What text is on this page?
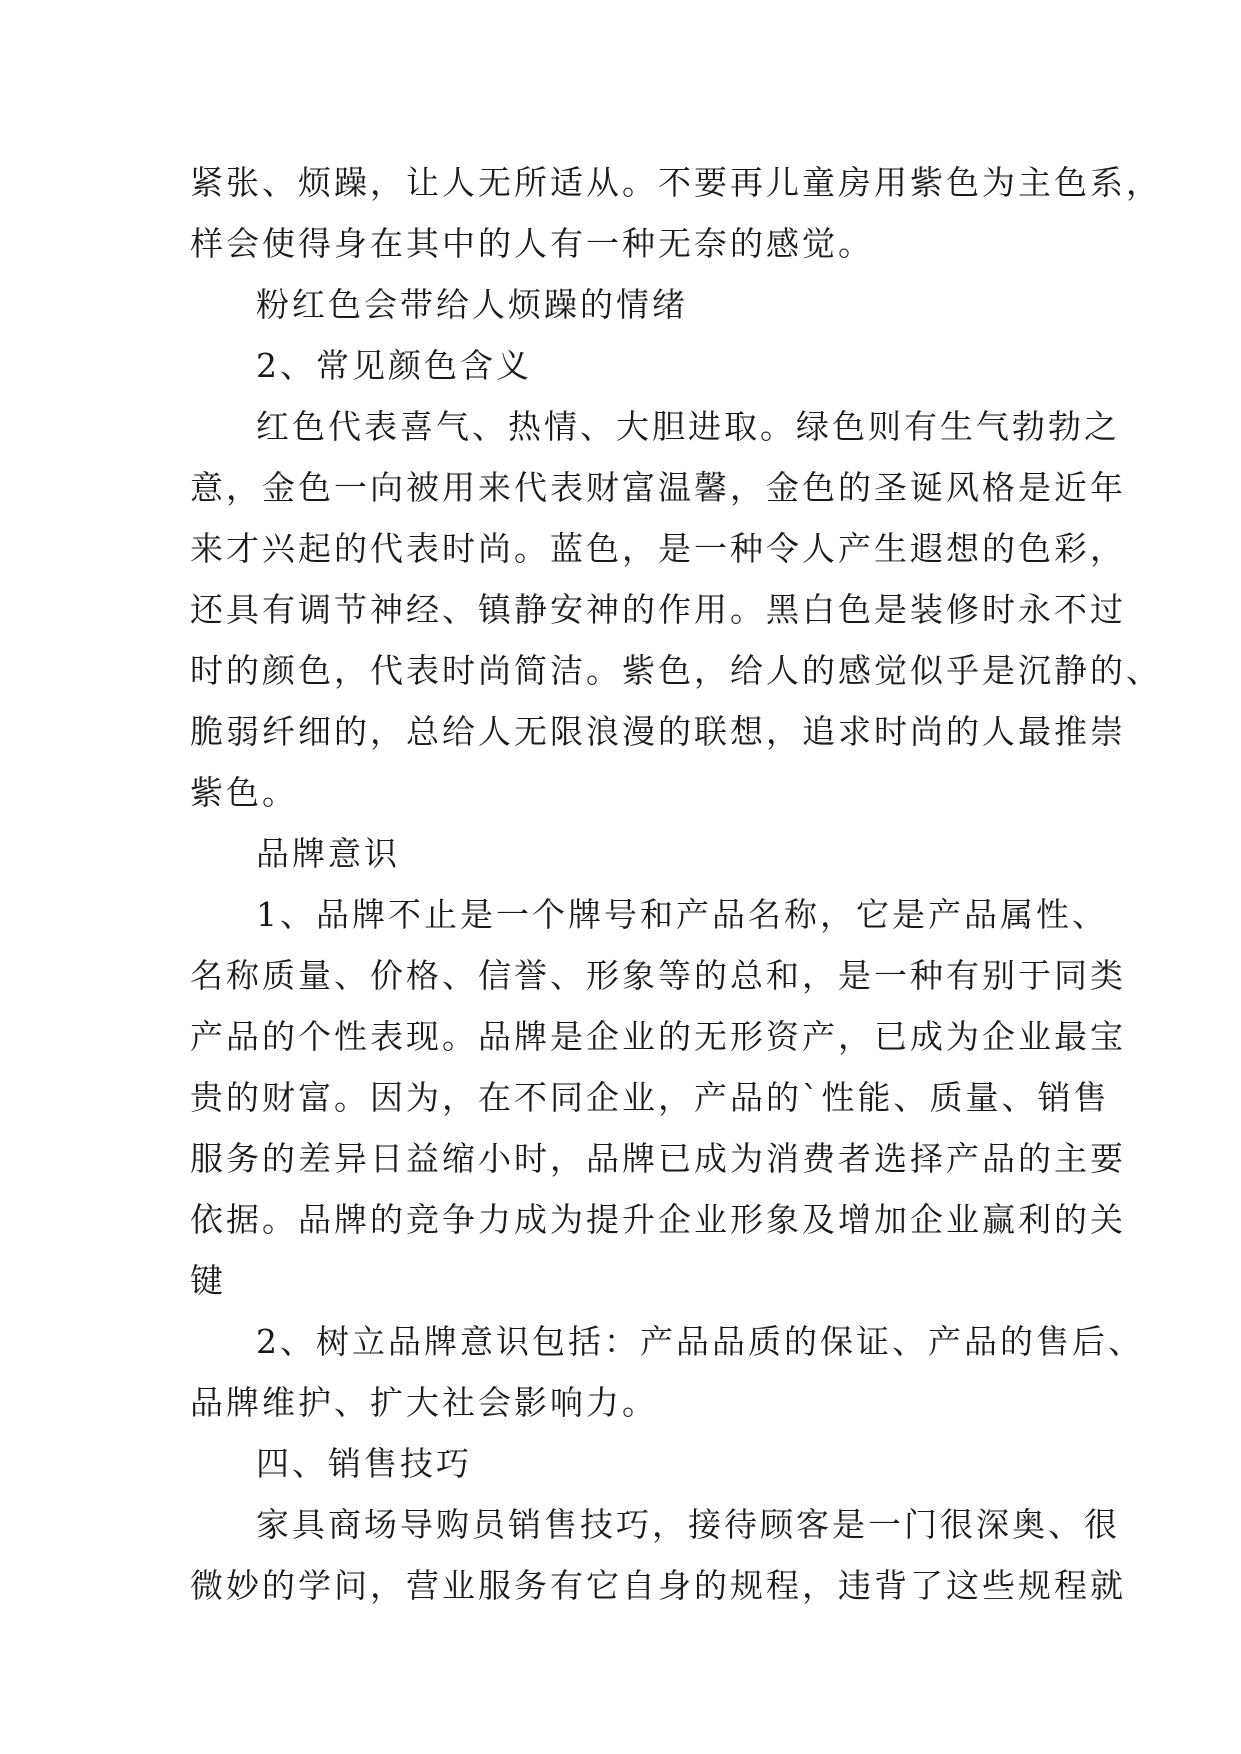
紧张、烦躁，让人无所适从。不要再儿童房用紫色为主色系，
样会使得身在其中的人有一种无奈的感觉。
粉红色会带给人烦躁的情绪
2、常见颜色含义
红色代表喜气、热情、大胆进取。绿色则有生气勃勃之
意，金色一向被用来代表财富温馨，金色的圣诞风格是近年
来才兴起的代表时尚。蓝色，是一种令人产生遐想的色彩，
还具有调节神经、镇静安神的作用。黑白色是装修时永不过
时的颜色，代表时尚简洁。紫色，给人的感觉似乎是沉静的、
脆弱纤细的，总给人无限浪漫的联想，追求时尚的人最推崇
紫色。
品牌意识
1、品牌不止是一个牌号和产品名称，它是产品属性、
名称质量、价格、信誉、形象等的总和，是一种有别于同类
产品的个性表现。品牌是企业的无形资产，已成为企业最宝
贵的财富。因为，在不同企业，产品的`性能、质量、销售
服务的差异日益缩小时，品牌已成为消费者选择产品的主要
依据。品牌的竞争力成为提升企业形象及增加企业赢利的关
键
2、树立品牌意识包括：产品品质的保证、产品的售后、
品牌维护、扩大社会影响力。
四、销售技巧
家具商场导购员销售技巧，接待顾客是一门很深奥、很
微妙的学问，营业服务有它自身的规程，违背了这些规程就
